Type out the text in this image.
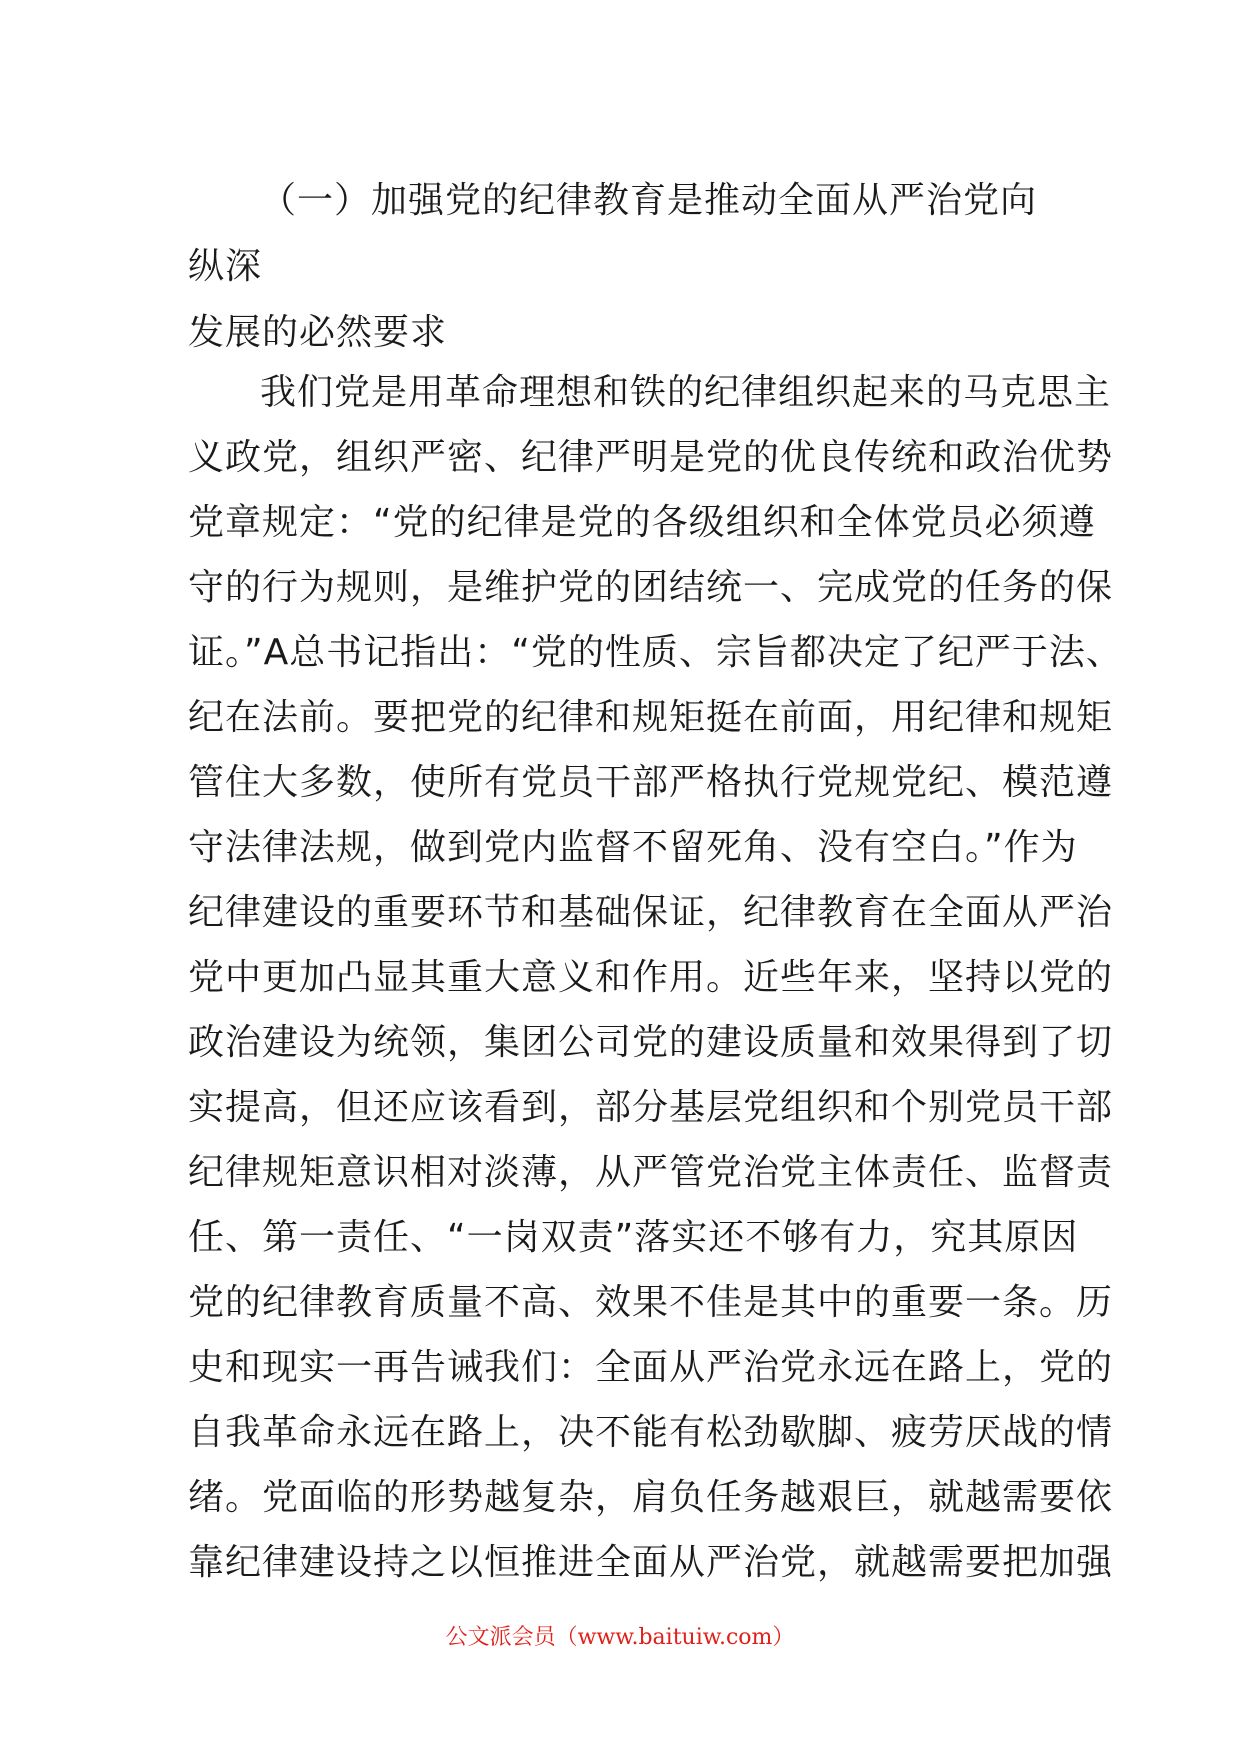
（一）加强党的纪律教育是推动全面从严治党向纵深
发展的必然要求
我们党是用革命理想和铁的纪律组织起来的马克思主
义政党，组织严密、纪律严明是党的优良传统和政治优势
党章规定：“党的纪律是党的各级组织和全体党员必须遵
守的行为规则，是维护党的团结统一、完成党的任务的保
证。”A总书记指出：“党的性质、宗旨都决定了纪严于法、
纪在法前。要把党的纪律和规矩挺在前面，用纪律和规矩
管住大多数，使所有党员干部严格执行党规党纪、模范遵
守法律法规，做到党内监督不留死角、没有空白。”作为
纪律建设的重要环节和基础保证，纪律教育在全面从严治
党中更加凸显其重大意义和作用。近些年来，坚持以党的
政治建设为统领，集团公司党的建设质量和效果得到了切
实提高，但还应该看到，部分基层党组织和个别党员干部
纪律规矩意识相对淡薄，从严管党治党主体责任、监督责
任、第一责任、“一岗双责”落实还不够有力，究其原因
党的纪律教育质量不高、效果不佳是其中的重要一条。历
史和现实一再告诫我们：全面从严治党永远在路上，党的
自我革命永远在路上，决不能有松劲歇脚、疲劳厌战的情
绪。党面临的形势越复杂，肩负任务越艰巨，就越需要依
靠纪律建设持之以恒推进全面从严治党，就越需要把加强
公文派会员（www.baituiw.com）
